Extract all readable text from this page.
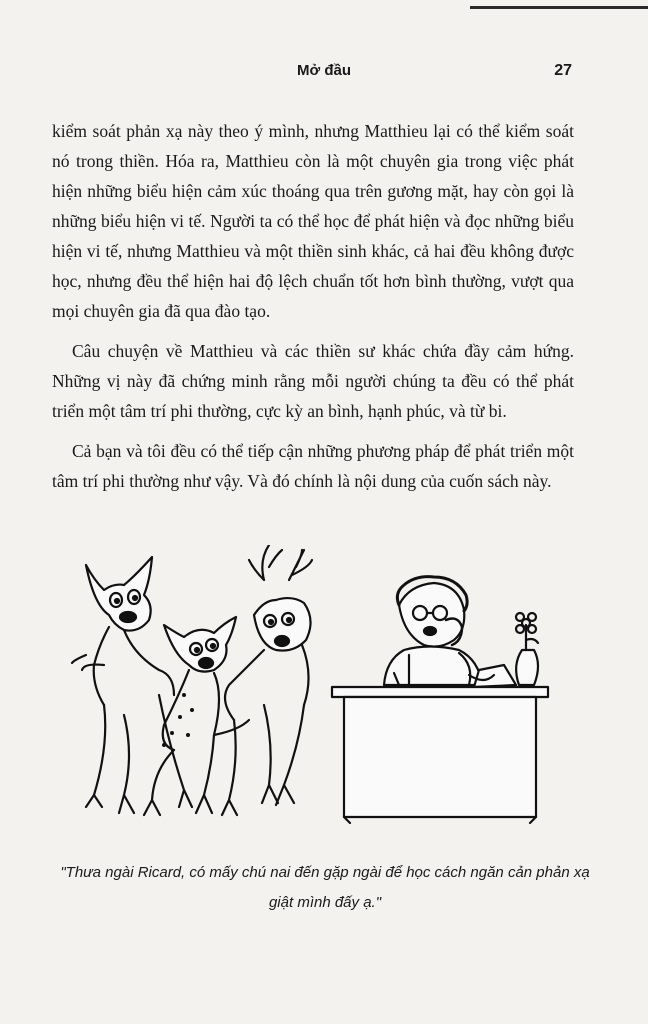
Mở đầu	27

kiểm soát phản xạ này theo ý mình, nhưng Matthieu lại có thể kiểm soát nó trong thiền. Hóa ra, Matthieu còn là một chuyên gia trong việc phát hiện những biểu hiện cảm xúc thoáng qua trên gương mặt, hay còn gọi là những biểu hiện vi tế. Người ta có thể học để phát hiện và đọc những biểu hiện vi tế, nhưng Matthieu và một thiền sinh khác, cả hai đều không được học, nhưng đều thể hiện hai độ lệch chuẩn tốt hơn bình thường, vượt qua mọi chuyên gia đã qua đào tạo.

Câu chuyện về Matthieu và các thiền sư khác chứa đầy cảm hứng. Những vị này đã chứng minh rằng mỗi người chúng ta đều có thể phát triển một tâm trí phi thường, cực kỳ an bình, hạnh phúc, và từ bi.

Cả bạn và tôi đều có thể tiếp cận những phương pháp để phát triển một tâm trí phi thường như vậy. Và đó chính là nội dung của cuốn sách này.

"Thưa ngài Ricard, có mấy chú nai đến gặp ngài để học cách ngăn cản phản xạ giật mình đấy ạ."
